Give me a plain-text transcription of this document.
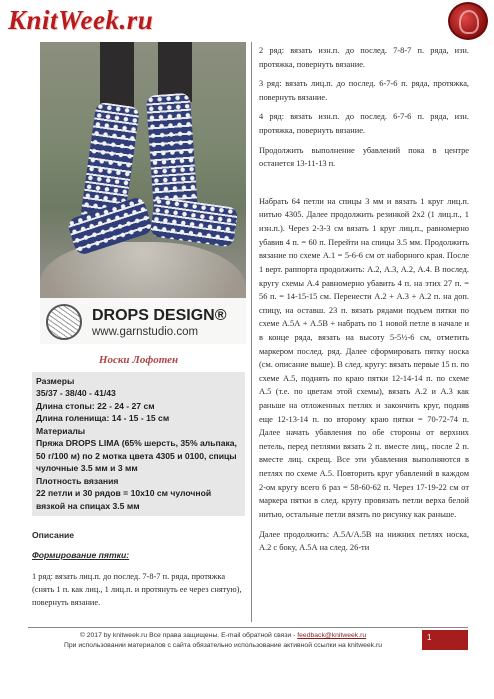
KnitWeek.ru
DROPS DESIGN®
www.garnstudio.com
Носки Лофотен
Размеры
35/37 - 38/40 - 41/43
Длина стопы: 22 - 24 - 27 см
Длина голенища: 14 - 15 - 15 см
Материалы
Пряжа DROPS LIMA (65% шерсть, 35% альпака, 50 г/100 м) по 2 мотка цвета 4305 и 0100, спицы чулочные 3.5 мм и 3 мм
Плотность вязания
22 петли и 30 рядов = 10x10 см чулочной вязкой на спицах 3.5 мм
Описание
Формирование пятки:
1 ряд: вязать лиц.п. до послед. 7-8-7 п. ряда, протяжка (снять 1 п. как лиц., 1 лиц.п. и протянуть ее через снятую), повернуть вязание.

2 ряд: вязать изн.п. до послед. 7-8-7 п. ряда, изн. протяжка, повернуть вязание.

3 ряд: вязать лиц.п. до послед. 6-7-6 п. ряда, протяжка, повернуть вязание.

4 ряд: вязать изн.п. до послед. 6-7-6 п. ряда, изн. протяжка, повернуть вязание.

Продолжить выполнение убавлений пока в центре останется 13-11-13 п.

Набрать 64 петли на спицы 3 мм и вязать 1 круг лиц.п. нитью 4305. Далее продолжить резинкой 2x2 (1 лиц.п., 1 изн.п.). Через 2-3-3 см вязать 1 круг лиц.п., равномерно убавив 4 п. = 60 п. Перейти на спицы 3.5 мм. Продолжить вязание по схеме А.1 = 5-6-6 см от наборного края. После 1 верт. раппорта продолжить: А.2, А.3, А.2, А.4. В послед. кругу схемы А.4 равномерно убавить 4 п. на этих 27 п. = 56 п. = 14-15-15 см. Перенести А.2 + А.3 + А.2 п. на доп. спицу, на оставш. 23 п. вязать рядами подъем пятки по схеме А.5А + А.5В + набрать по 1 новой петле в начале и в конце ряда, вязать на высоту 5-5½-6 см, отметить маркером послед. ряд. Далее сформировать пятку носка (см. описание выше). В след. кругу: вязать первые 15 п. по схеме А.5, поднять по краю пятки 12-14-14 п. по схеме А.5 (т.е. по цветам этой схемы), вязать А.2 и А.3 как раньше на отложенных петлях и закончить круг, подняв еще 12-13-14 п. по второму краю пятки = 70-72-74 п. Далее начать убавления по обе стороны от верхних петель, перед петлями вязать 2 п. вместе лиц., после 2 п. вместе лиц. скрещ. Все эти убавления выполняются в петлях по схеме А.5. Повторить круг убавлений в каждом 2-ом кругу всего 6 раз = 58-60-62 п. Через 17-19-22 см от маркера пятки в след. кругу провязать петли верха белой нитью, остальные петли вязать по рисунку как раньше.

Далее продолжить: А.5А/А.5В на нижних петлях носка, А.2 с боку, А.5А на след. 26-ти

© 2017 by knitweek.ru Все права защищены. E-mail обратной связи - feedback@knitweek.ru
При использовании материалов с сайта обязательно использование активной ссылки на knitweek.ru
1
